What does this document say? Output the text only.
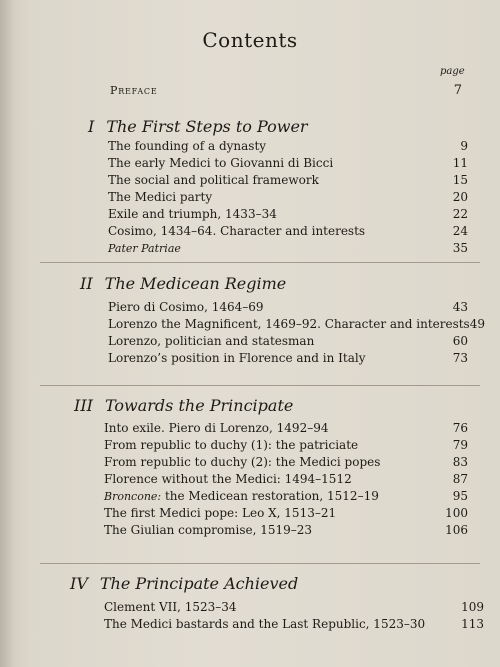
Contents
page
Preface	7
I The First Steps to Power
The founding of a dynasty	9
The early Medici to Giovanni di Bicci	11
The social and political framework	15
The Medici party	20
Exile and triumph, 1433–34	22
Cosimo, 1434–64. Character and interests	24
Pater Patriae	35
II The Medicean Regime
Piero di Cosimo, 1464–69	43
Lorenzo the Magnificent, 1469–92. Character and interests 49
Lorenzo, politician and statesman	60
Lorenzo’s position in Florence and in Italy	73
III Towards the Principate
Into exile. Piero di Lorenzo, 1492–94	76
From republic to duchy (1): the patriciate	79
From republic to duchy (2): the Medici popes	83
Florence without the Medici: 1494–1512	87
Broncone: the Medicean restoration, 1512–19	95
The first Medici pope: Leo X, 1513–21	100
The Giulian compromise, 1519–23	106
IV The Principate Achieved
Clement VII, 1523–34	109
The Medici bastards and the Last Republic, 1523–30	113
